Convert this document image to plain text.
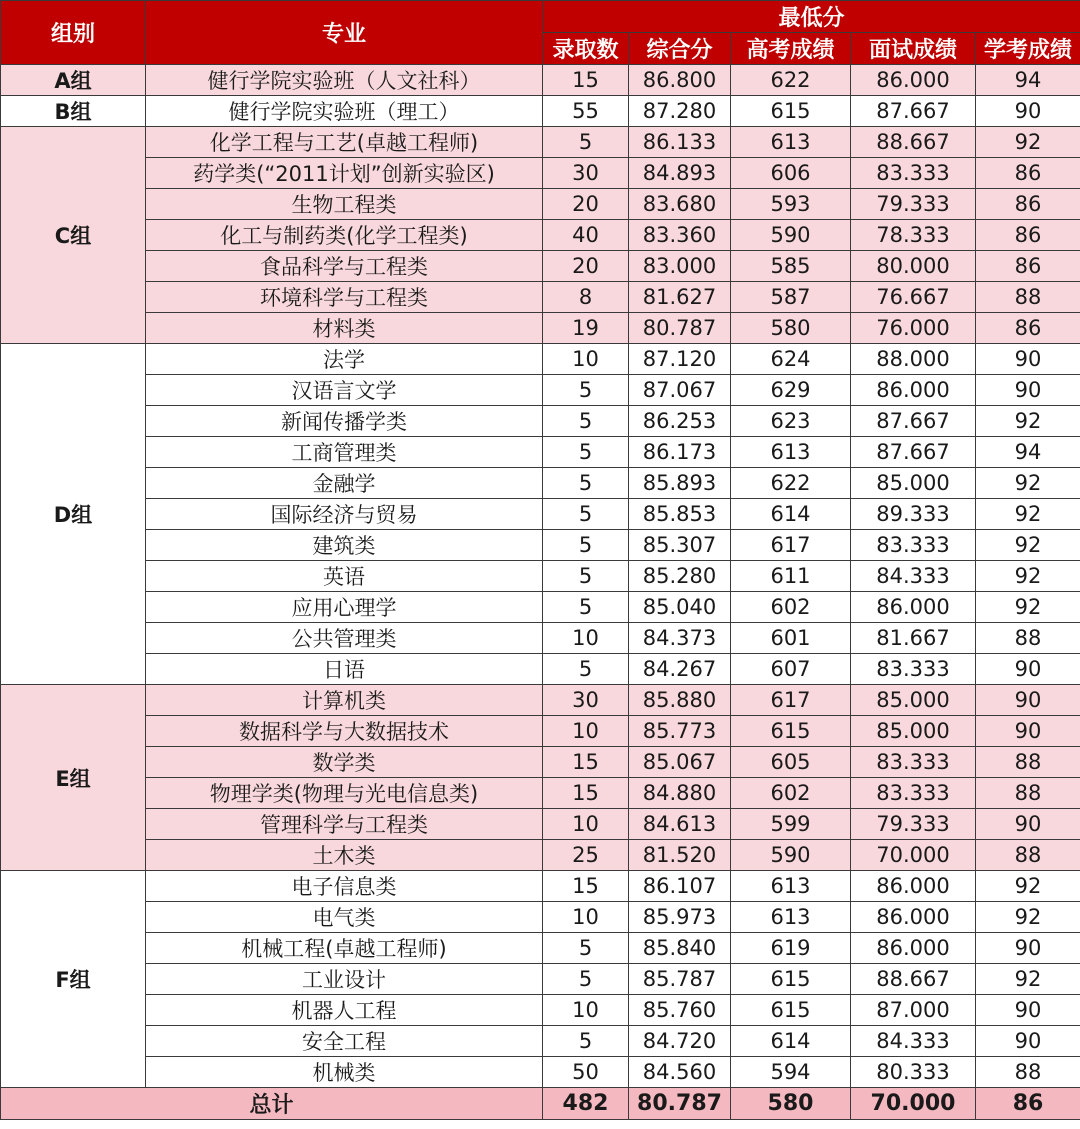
组别	专业	最低分				
		录取数	综合分	高考成绩	面试成绩	学考成绩
A组	健行学院实验班（人文社科）	15	86.800	622	86.000	94
B组	健行学院实验班（理工）	55	87.280	615	87.667	90
C组	化学工程与工艺(卓越工程师)	5	86.133	613	88.667	92
	药学类(“2011计划”创新实验区)	30	84.893	606	83.333	86
	生物工程类	20	83.680	593	79.333	86
	化工与制药类(化学工程类)	40	83.360	590	78.333	86
	食品科学与工程类	20	83.000	585	80.000	86
	环境科学与工程类	8	81.627	587	76.667	88
	材料类	19	80.787	580	76.000	86
D组	法学	10	87.120	624	88.000	90
	汉语言文学	5	87.067	629	86.000	90
	新闻传播学类	5	86.253	623	87.667	92
	工商管理类	5	86.173	613	87.667	94
	金融学	5	85.893	622	85.000	92
	国际经济与贸易	5	85.853	614	89.333	92
	建筑类	5	85.307	617	83.333	92
	英语	5	85.280	611	84.333	92
	应用心理学	5	85.040	602	86.000	92
	公共管理类	10	84.373	601	81.667	88
	日语	5	84.267	607	83.333	90
E组	计算机类	30	85.880	617	85.000	90
	数据科学与大数据技术	10	85.773	615	85.000	90
	数学类	15	85.067	605	83.333	88
	物理学类(物理与光电信息类)	15	84.880	602	83.333	88
	管理科学与工程类	10	84.613	599	79.333	90
	土木类	25	81.520	590	70.000	88
F组	电子信息类	15	86.107	613	86.000	92
	电气类	10	85.973	613	86.000	92
	机械工程(卓越工程师)	5	85.840	619	86.000	90
	工业设计	5	85.787	615	88.667	92
	机器人工程	10	85.760	615	87.000	90
	安全工程	5	84.720	614	84.333	90
	机械类	50	84.560	594	80.333	88
总计		482	80.787	580	70.000	86
